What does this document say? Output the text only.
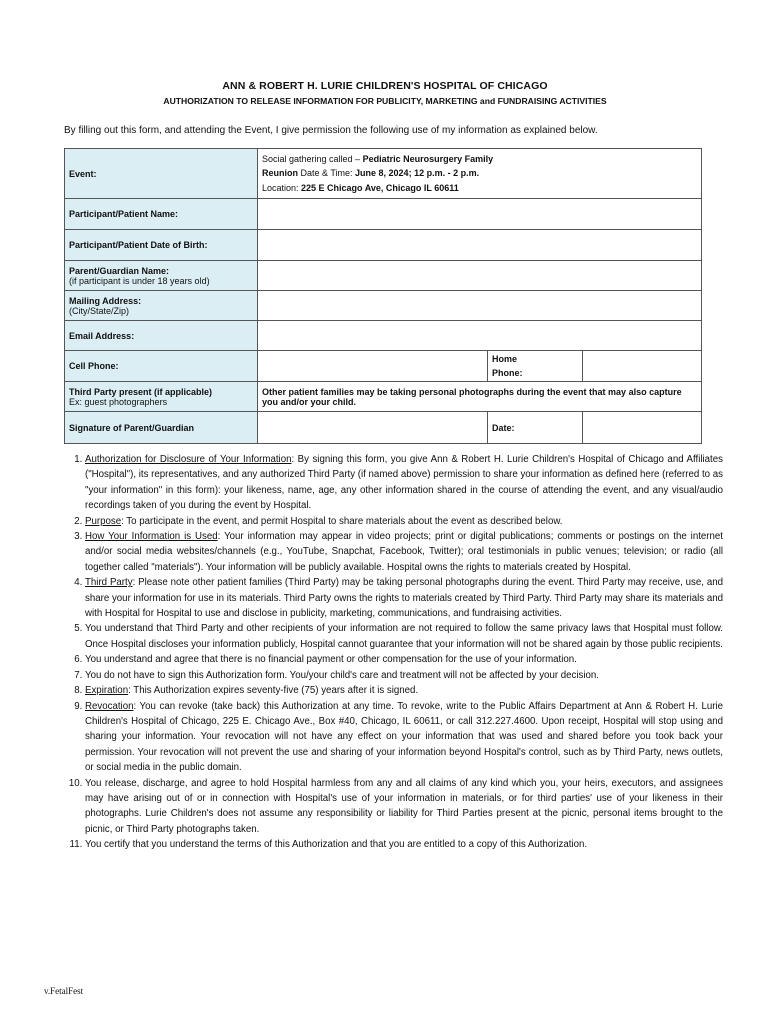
ANN & ROBERT H. LURIE CHILDREN'S HOSPITAL OF CHICAGO
AUTHORIZATION TO RELEASE INFORMATION FOR PUBLICITY, MARKETING and FUNDRAISING ACTIVITIES
By filling out this form, and attending the Event, I give permission the following use of my information as explained below.
Event:	Social gathering called – Pediatric Neurosurgery Family
Reunion Date & Time: June 8, 2024; 12 p.m. - 2 p.m.
Location: 225 E Chicago Ave, Chicago IL 60611		
Participant/Patient Name:			
Participant/Patient Date of Birth:			
Parent/Guardian Name:
(if participant is under 18 years old)			

Mailing Address:
(City/State/Zip)			

Email Address:			
Cell Phone:		Home
Phone:	
Third Party present (if applicable)
Ex: guest photographers	Other patient families may be taking personal photographs during the event that may also capture you and/or your child.		
Signature of Parent/Guardian		Date:	
1. Authorization for Disclosure of Your Information: By signing this form, you give Ann & Robert H. Lurie Children's Hospital of Chicago and Affiliates ("Hospital"), its representatives, and any authorized Third Party (if named above) permission to share your information as defined here (referred to as "your information" in this form): your likeness, name, age, any other information shared in the course of attending the event, and any visual/audio recordings taken of you during the event by Hospital.
2. Purpose: To participate in the event, and permit Hospital to share materials about the event as described below.
3. How Your Information is Used: Your information may appear in video projects; print or digital publications; comments or postings on the internet and/or social media websites/channels (e.g., YouTube, Snapchat, Facebook, Twitter); oral testimonials in public venues; television; or radio (all together called "materials"). Your information will be publicly available. Hospital owns the rights to materials created by Hospital.
4. Third Party: Please note other patient families (Third Party) may be taking personal photographs during the event. Third Party may receive, use, and share your information for use in its materials. Third Party owns the rights to materials created by Third Party. Third Party may share its materials and with Hospital for Hospital to use and disclose in publicity, marketing, communications, and fundraising activities.
5. You understand that Third Party and other recipients of your information are not required to follow the same privacy laws that Hospital must follow. Once Hospital discloses your information publicly, Hospital cannot guarantee that your information will not be shared again by those public recipients.
6. You understand and agree that there is no financial payment or other compensation for the use of your information.
7. You do not have to sign this Authorization form. You/your child's care and treatment will not be affected by your decision.
8. Expiration: This Authorization expires seventy-five (75) years after it is signed.
9. Revocation: You can revoke (take back) this Authorization at any time. To revoke, write to the Public Affairs Department at Ann & Robert H. Lurie Children's Hospital of Chicago, 225 E. Chicago Ave., Box #40, Chicago, IL 60611, or call 312.227.4600. Upon receipt, Hospital will stop using and sharing your information. Your revocation will not have any effect on your information that was used and shared before you took back your permission. Your revocation will not prevent the use and sharing of your information beyond Hospital's control, such as by Third Party, news outlets, or social media in the public domain.
10. You release, discharge, and agree to hold Hospital harmless from any and all claims of any kind which you, your heirs, executors, and assignees may have arising out of or in connection with Hospital's use of your information in materials, or for third parties' use of your likeness in their photographs. Lurie Children's does not assume any responsibility or liability for Third Parties present at the picnic, personal items brought to the picnic, or Third Party photographs taken.
11. You certify that you understand the terms of this Authorization and that you are entitled to a copy of this Authorization.
v.FetalFest
